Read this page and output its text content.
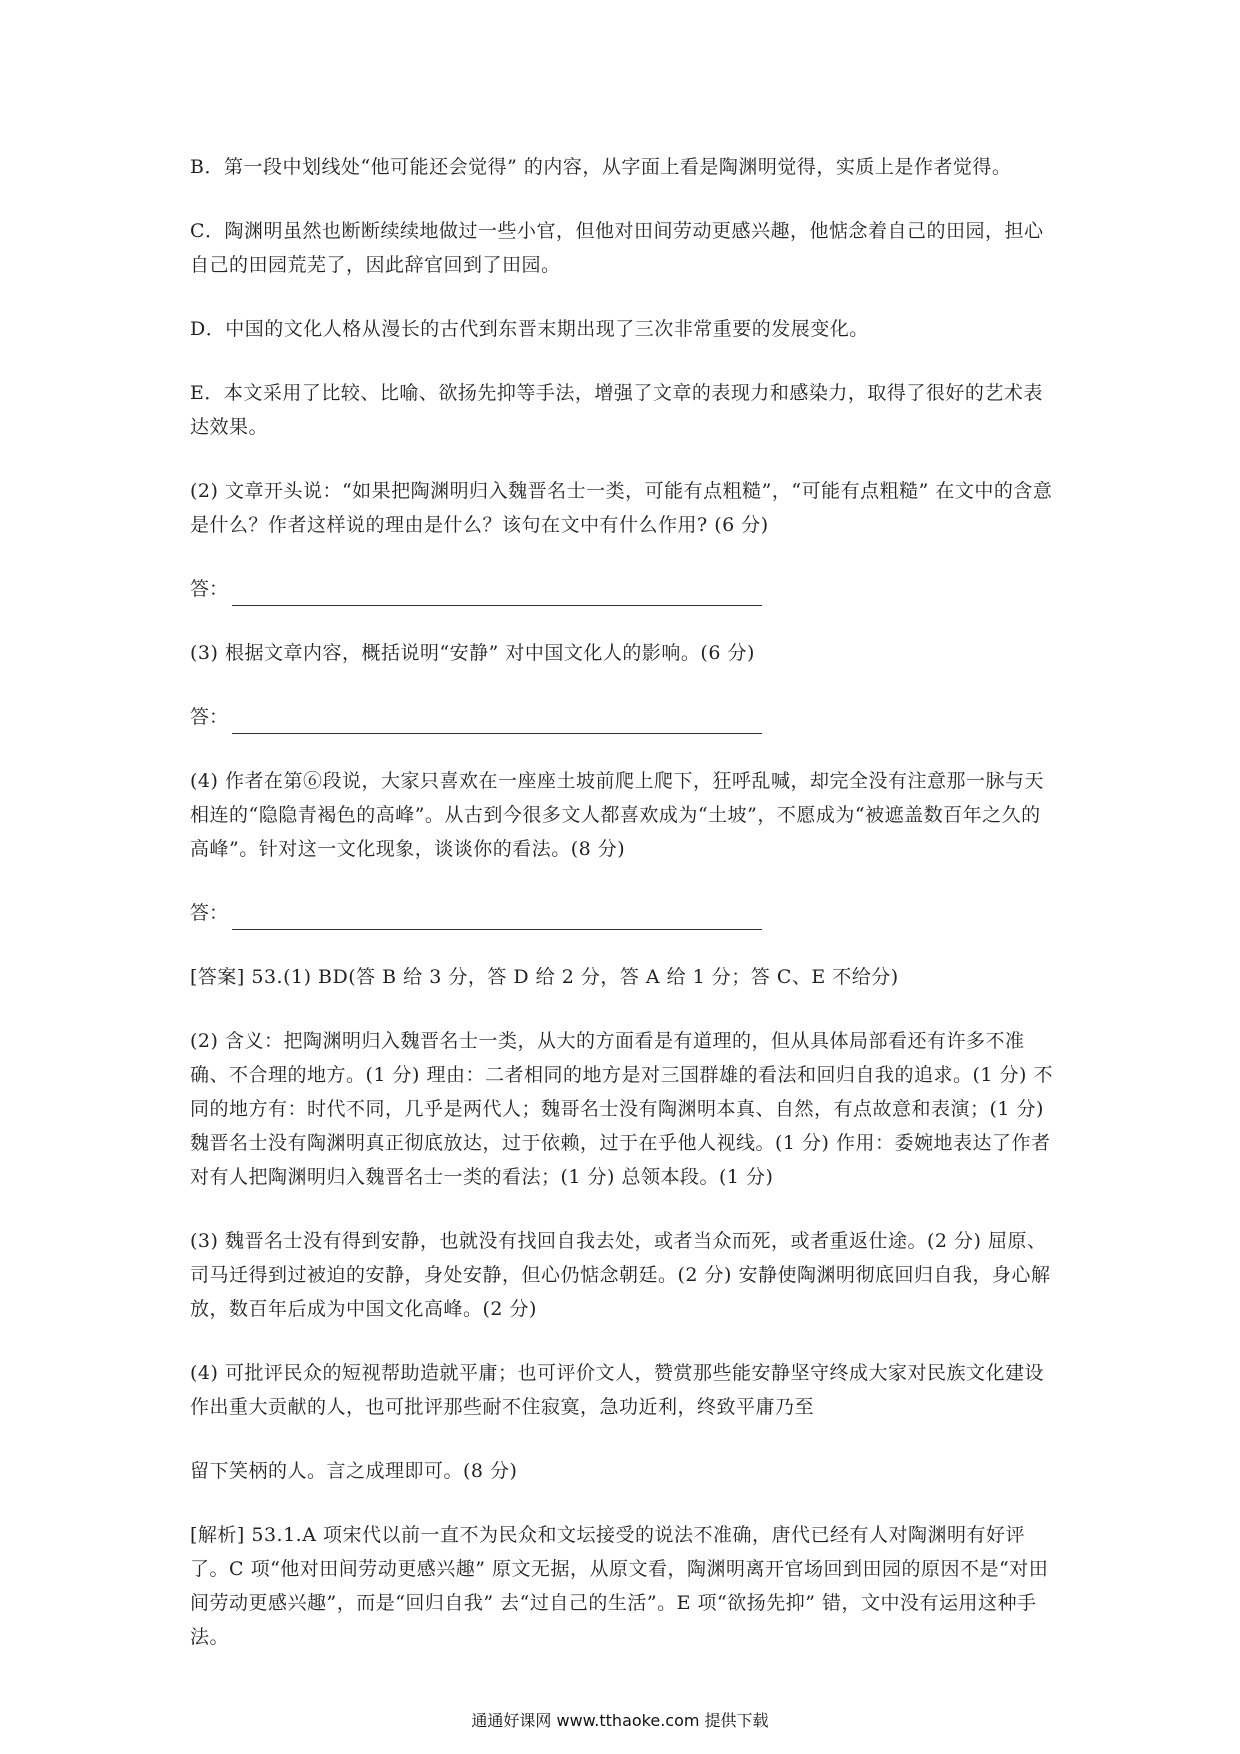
B．第一段中划线处“他可能还会觉得” 的内容，从字面上看是陶渊明觉得，实质上是作者觉得。

C．陶渊明虽然也断断续续地做过一些小官，但他对田间劳动更感兴趣，他惦念着自己的田园，担心自己的田园荒芜了，因此辞官回到了田园。

D．中国的文化人格从漫长的古代到东晋末期出现了三次非常重要的发展变化。

E．本文采用了比较、比喻、欲扬先抑等手法，增强了文章的表现力和感染力，取得了很好的艺术表达效果。

(2) 文章开头说：“如果把陶渊明归入魏晋名士一类，可能有点粗糙”，“可能有点粗糙” 在文中的含意是什么？作者这样说的理由是什么？该句在文中有什么作用? (6 分)

答：

(3) 根据文章内容，概括说明“安静” 对中国文化人的影响。(6 分)

答：

(4) 作者在第⑥段说，大家只喜欢在一座座土坡前爬上爬下，狂呼乱喊，却完全没有注意那一脉与天相连的“隐隐青褐色的高峰”。从古到今很多文人都喜欢成为“土坡”，不愿成为“被遮盖数百年之久的高峰”。针对这一文化现象，谈谈你的看法。(8 分)

答：

[答案] 53.(1) BD(答 B 给 3 分，答 D 给 2 分，答 A 给 1 分；答 C、E 不给分)

(2) 含义：把陶渊明归入魏晋名士一类，从大的方面看是有道理的，但从具体局部看还有许多不准确、不合理的地方。(1 分) 理由：二者相同的地方是对三国群雄的看法和回归自我的追求。(1 分) 不同的地方有：时代不同，几乎是两代人；魏哥名士没有陶渊明本真、自然，有点故意和表演；(1 分) 魏晋名士没有陶渊明真正彻底放达，过于依赖，过于在乎他人视线。(1 分) 作用：委婉地表达了作者对有人把陶渊明归入魏晋名士一类的看法；(1 分) 总领本段。(1 分)

(3) 魏晋名士没有得到安静，也就没有找回自我去处，或者当众而死，或者重返仕途。(2 分) 屈原、司马迁得到过被迫的安静，身处安静，但心仍惦念朝廷。(2 分) 安静使陶渊明彻底回归自我，身心解放，数百年后成为中国文化高峰。(2 分)

(4) 可批评民众的短视帮助造就平庸；也可评价文人，赞赏那些能安静坚守终成大家对民族文化建设作出重大贡献的人，也可批评那些耐不住寂寞，急功近利，终致平庸乃至

留下笑柄的人。言之成理即可。(8 分)

[解析] 53.1.A 项宋代以前一直不为民众和文坛接受的说法不准确，唐代已经有人对陶渊明有好评了。C 项“他对田间劳动更感兴趣” 原文无据，从原文看，陶渊明离开官场回到田园的原因不是“对田间劳动更感兴趣”，而是“回归自我” 去“过自己的生活”。E 项“欲扬先抑” 错，文中没有运用这种手法。

通通好课网 www.tthaoke.com 提供下载
